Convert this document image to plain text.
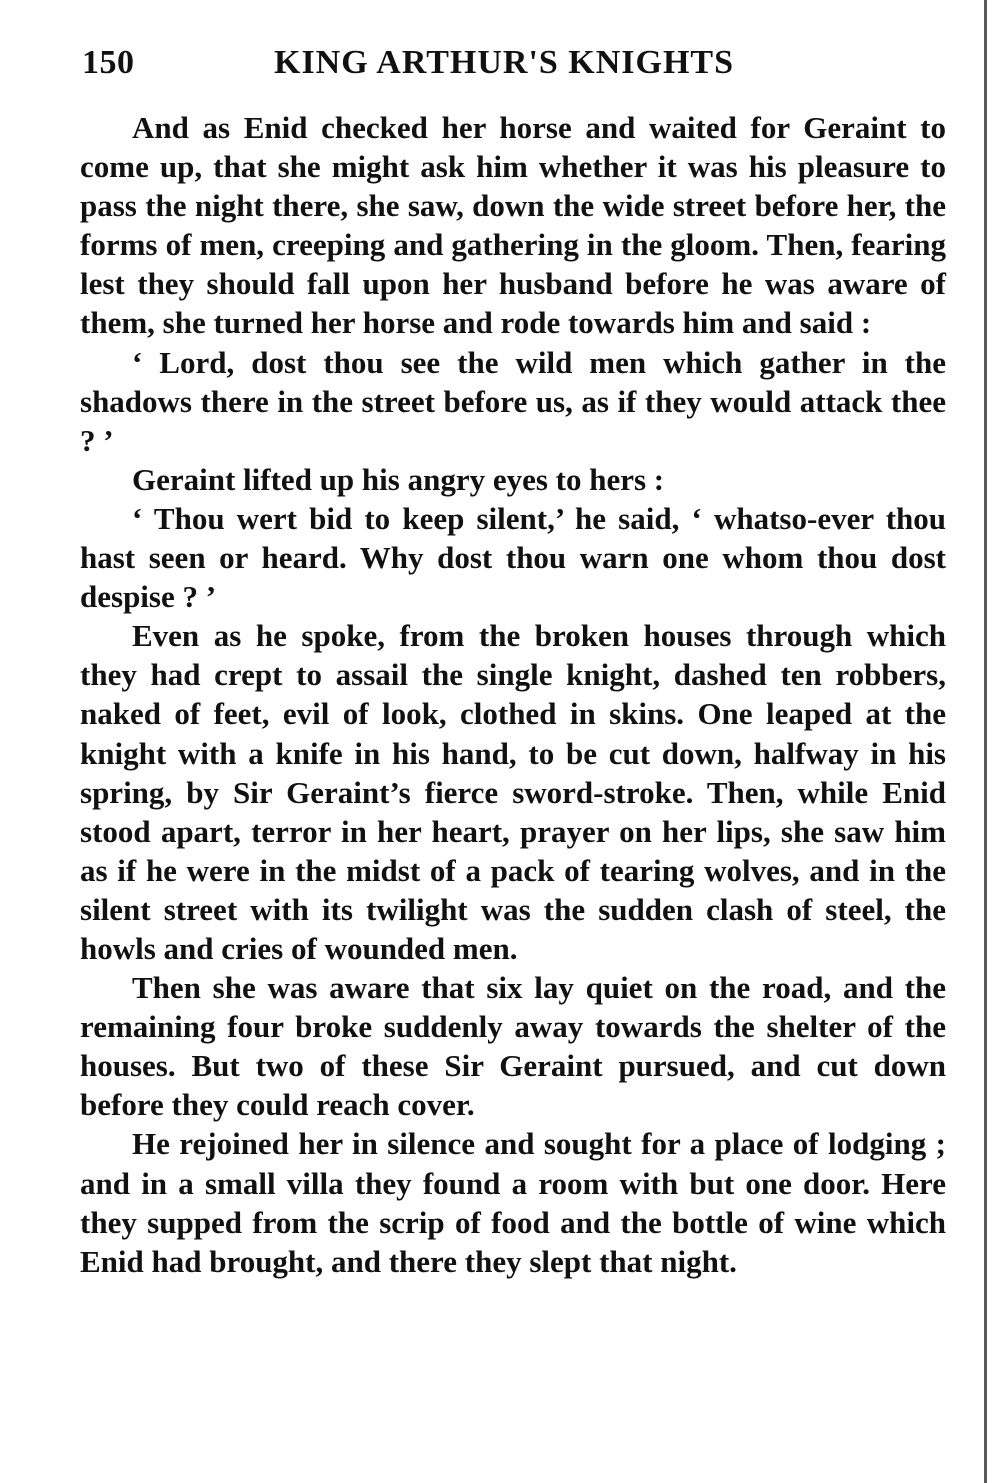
150	KING ARTHUR'S KNIGHTS

And as Enid checked her horse and waited for Geraint to come up, that she might ask him whether it was his pleasure to pass the night there, she saw, down the wide street before her, the forms of men, creeping and gathering in the gloom. Then, fearing lest they should fall upon her husband before he was aware of them, she turned her horse and rode towards him and said :

‘ Lord, dost thou see the wild men which gather in the shadows there in the street before us, as if they would attack thee ? ’

Geraint lifted up his angry eyes to hers :

‘ Thou wert bid to keep silent,’ he said, ‘ whatso-ever thou hast seen or heard. Why dost thou warn one whom thou dost despise ? ’

Even as he spoke, from the broken houses through which they had crept to assail the single knight, dashed ten robbers, naked of feet, evil of look, clothed in skins. One leaped at the knight with a knife in his hand, to be cut down, halfway in his spring, by Sir Geraint’s fierce sword-stroke. Then, while Enid stood apart, terror in her heart, prayer on her lips, she saw him as if he were in the midst of a pack of tearing wolves, and in the silent street with its twilight was the sudden clash of steel, the howls and cries of wounded men.

Then she was aware that six lay quiet on the road, and the remaining four broke suddenly away towards the shelter of the houses. But two of these Sir Geraint pursued, and cut down before they could reach cover.

He rejoined her in silence and sought for a place of lodging ; and in a small villa they found a room with but one door. Here they supped from the scrip of food and the bottle of wine which Enid had brought, and there they slept that night.
